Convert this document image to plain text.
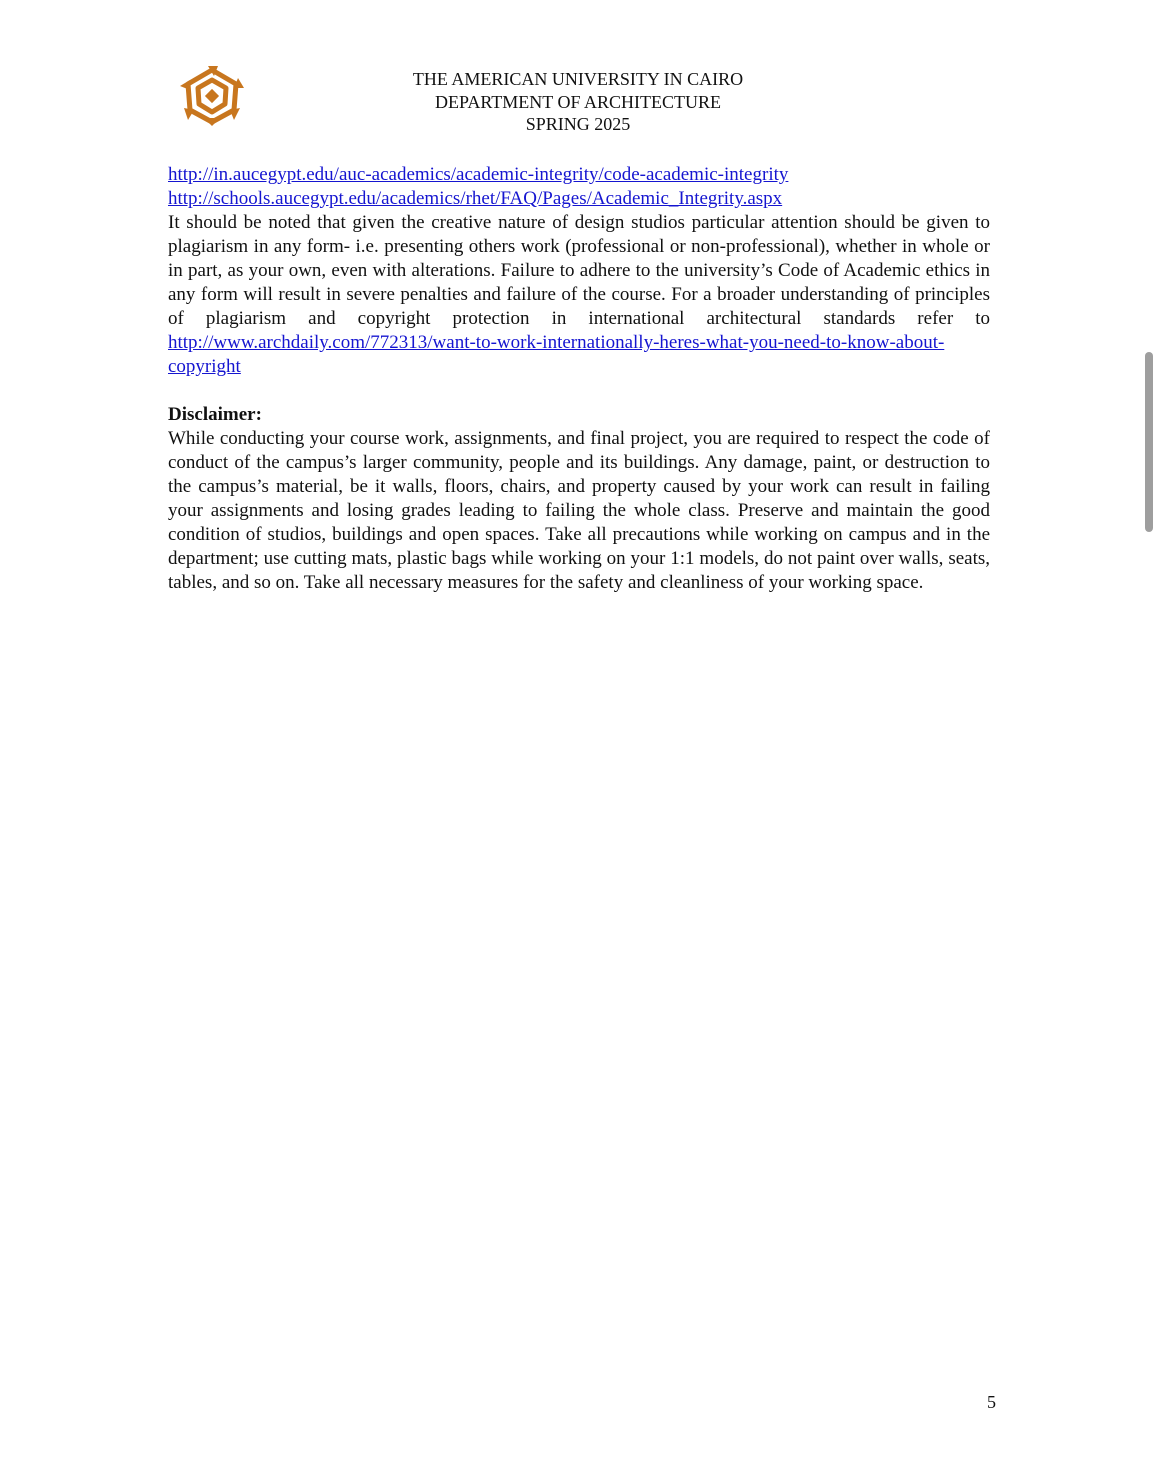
THE AMERICAN UNIVERSITY IN CAIRO
DEPARTMENT OF ARCHITECTURE
SPRING 2025
http://in.aucegypt.edu/auc-academics/academic-integrity/code-academic-integrity
http://schools.aucegypt.edu/academics/rhet/FAQ/Pages/Academic_Integrity.aspx

It should be noted that given the creative nature of design studios particular attention should be given to plagiarism in any form- i.e. presenting others work (professional or non-professional), whether in whole or in part, as your own, even with alterations. Failure to adhere to the university’s Code of Academic ethics in any form will result in severe penalties and failure of the course. For a broader understanding of principles of plagiarism and copyright protection in international architectural standards refer to http://www.archdaily.com/772313/want-to-work-internationally-heres-what-you-need-to-know-about-copyright

Disclaimer:

While conducting your course work, assignments, and final project, you are required to respect the code of conduct of the campus’s larger community, people and its buildings. Any damage, paint, or destruction to the campus’s material, be it walls, floors, chairs, and property caused by your work can result in failing your assignments and losing grades leading to failing the whole class. Preserve and maintain the good condition of studios, buildings and open spaces. Take all precautions while working on campus and in the department; use cutting mats, plastic bags while working on your 1:1 models, do not paint over walls, seats, tables, and so on. Take all necessary measures for the safety and cleanliness of your working space.

5
